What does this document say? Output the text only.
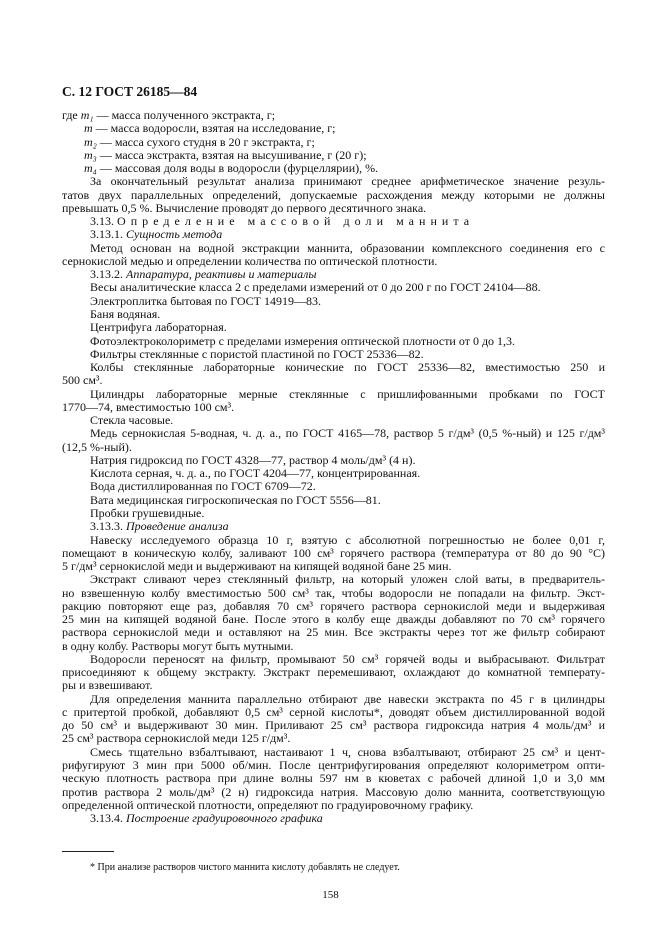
С. 12 ГОСТ 26185—84
где m₁ — масса полученного экстракта, г;
m — масса водоросли, взятая на исследование, г;
m₂ — масса сухого студня в 20 г экстракта, г;
m₃ — масса экстракта, взятая на высушивание, г (20 г);
m₄ — массовая доля воды в водоросли (фурцеллярии), %.
За окончательный результат анализа принимают среднее арифметическое значение резуль-
татов двух параллельных определений, допускаемые расхождения между которыми не должны
превышать 0,5 %. Вычисление проводят до первого десятичного знака.
3.13. Определение массовой доли маннита
3.13.1. Сущность метода
Метод основан на водной экстракции маннита, образовании комплексного соединения его с
сернокислой медью и определении количества по оптической плотности.
3.13.2. Аппаратура, реактивы и материалы
Весы аналитические класса 2 с пределами измерений от 0 до 200 г по ГОСТ 24104—88.
Электроплитка бытовая по ГОСТ 14919—83.
Баня водяная.
Центрифуга лабораторная.
Фотоэлектроколориметр с пределами измерения оптической плотности от 0 до 1,3.
Фильтры стеклянные с пористой пластиной по ГОСТ 25336—82.
Колбы стеклянные лабораторные конические по ГОСТ 25336—82, вместимостью 250 и
500 см³.
Цилиндры лабораторные мерные стеклянные с пришлифованными пробками по ГОСТ
1770—74, вместимостью 100 см³.
Стекла часовые.
Медь сернокислая 5-водная, ч. д. а., по ГОСТ 4165—78, раствор 5 г/дм³ (0,5 %-ный) и 125 г/дм³
(12,5 %-ный).
Натрия гидроксид по ГОСТ 4328—77, раствор 4 моль/дм³ (4 н).
Кислота серная, ч. д. а., по ГОСТ 4204—77, концентрированная.
Вода дистиллированная по ГОСТ 6709—72.
Вата медицинская гигроскопическая по ГОСТ 5556—81.
Пробки грушевидные.
3.13.3. Проведение анализа
Навеску исследуемого образца 10 г, взятую с абсолютной погрешностью не более 0,01 г,
помещают в коническую колбу, заливают 100 см³ горячего раствора (температура от 80 до 90 °С)
5 г/дм³ сернокислой меди и выдерживают на кипящей водяной бане 25 мин.
Экстракт сливают через стеклянный фильтр, на который уложен слой ваты, в предваритель-
но взвешенную колбу вместимостью 500 см³ так, чтобы водоросли не попадали на фильтр. Экст-
ракцию повторяют еще раз, добавляя 70 см³ горячего раствора сернокислой меди и выдерживая
25 мин на кипящей водяной бане. После этого в колбу еще дважды добавляют по 70 см³ горячего
раствора сернокислой меди и оставляют на 25 мин. Все экстракты через тот же фильтр собирают
в одну колбу. Растворы могут быть мутными.
Водоросли переносят на фильтр, промывают 50 см³ горячей воды и выбрасывают. Фильтрат
присоединяют к общему экстракту. Экстракт перемешивают, охлаждают до комнатной температу-
ры и взвешивают.
Для определения маннита параллельно отбирают две навески экстракта по 45 г в цилиндры
с притертой пробкой, добавляют 0,5 см³ серной кислоты*, доводят объем дистиллированной водой
до 50 см³ и выдерживают 30 мин. Приливают 25 см³ раствора гидроксида натрия 4 моль/дм³ и
25 см³ раствора сернокислой меди 125 г/дм³.
Смесь тщательно взбалтывают, настаивают 1 ч, снова взбалтывают, отбирают 25 см³ и цент-
рифугируют 3 мин при 5000 об/мин. После центрифугирования определяют колориметром опти-
ческую плотность раствора при длине волны 597 нм в кюветах с рабочей длиной 1,0 и 3,0 мм
против раствора 2 моль/дм³ (2 н) гидроксида натрия. Массовую долю маннита, соответствующую
определенной оптической плотности, определяют по градуировочному графику.
3.13.4. Построение градуировочного графика
* При анализе растворов чистого маннита кислоту добавлять не следует.
158
